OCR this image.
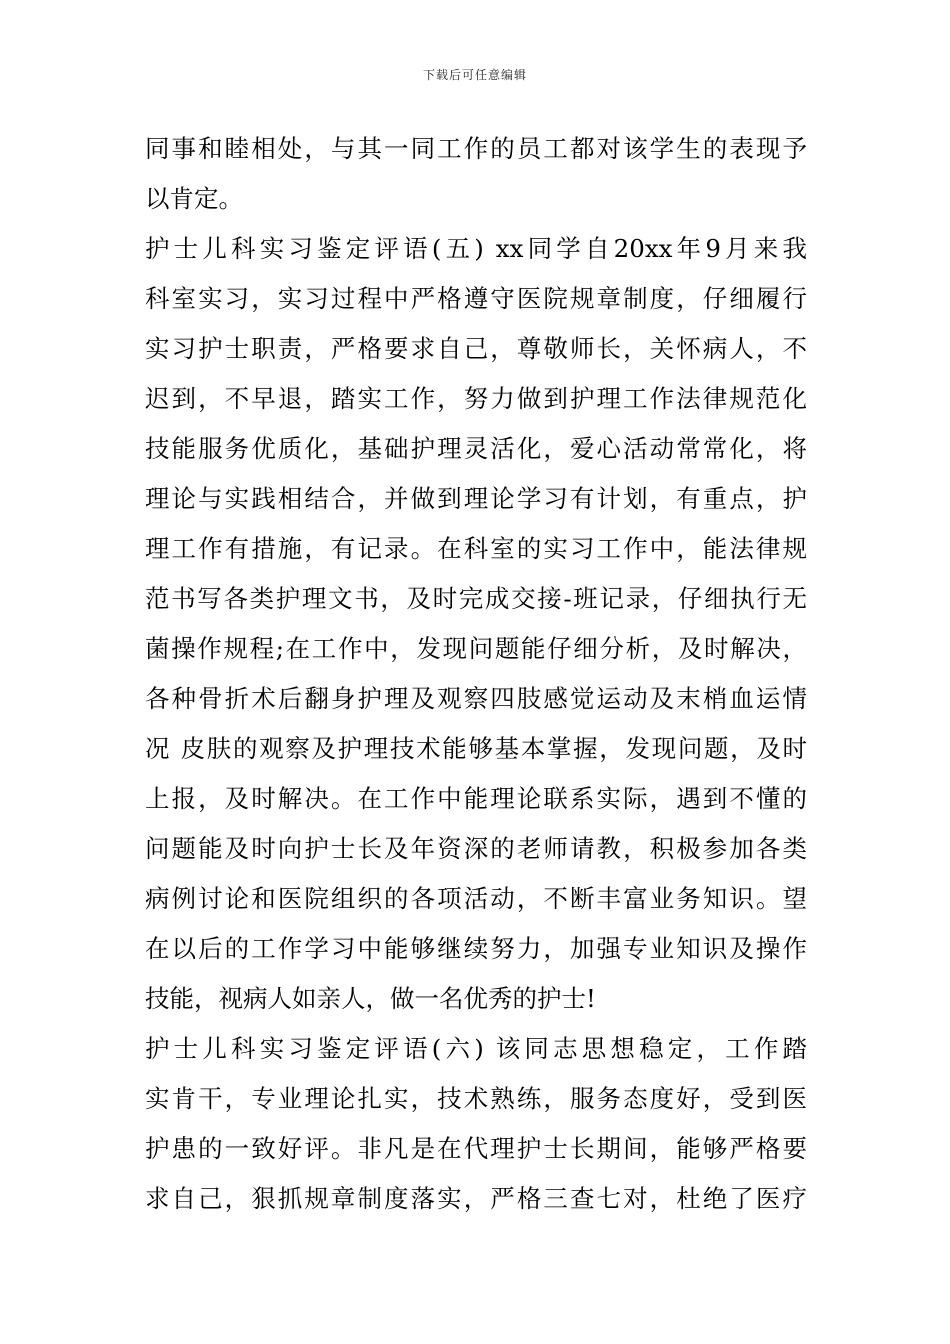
下载后可任意编辑
同事和睦相处，与其一同工作的员工都对该学生的表现予
以肯定。
护士儿科实习鉴定评语(五) xx同学自20xx年9月来我
科室实习，实习过程中严格遵守医院规章制度，仔细履行
实习护士职责，严格要求自己，尊敬师长，关怀病人，不
迟到，不早退，踏实工作，努力做到护理工作法律规范化
技能服务优质化，基础护理灵活化，爱心活动常常化，将
理论与实践相结合，并做到理论学习有计划，有重点，护
理工作有措施，有记录。在科室的实习工作中，能法律规
范书写各类护理文书，及时完成交接-班记录，仔细执行无
菌操作规程;在工作中，发现问题能仔细分析，及时解决，
各种骨折术后翻身护理及观察四肢感觉运动及末梢血运情
况 皮肤的观察及护理技术能够基本掌握，发现问题，及时
上报，及时解决。在工作中能理论联系实际，遇到不懂的
问题能及时向护士长及年资深的老师请教，积极参加各类
病例讨论和医院组织的各项活动，不断丰富业务知识。望
在以后的工作学习中能够继续努力，加强专业知识及操作
技能，视病人如亲人，做一名优秀的护士!
护士儿科实习鉴定评语(六) 该同志思想稳定，工作踏
实肯干，专业理论扎实，技术熟练，服务态度好，受到医
护患的一致好评。非凡是在代理护士长期间，能够严格要
求自己，狠抓规章制度落实，严格三查七对，杜绝了医疗
